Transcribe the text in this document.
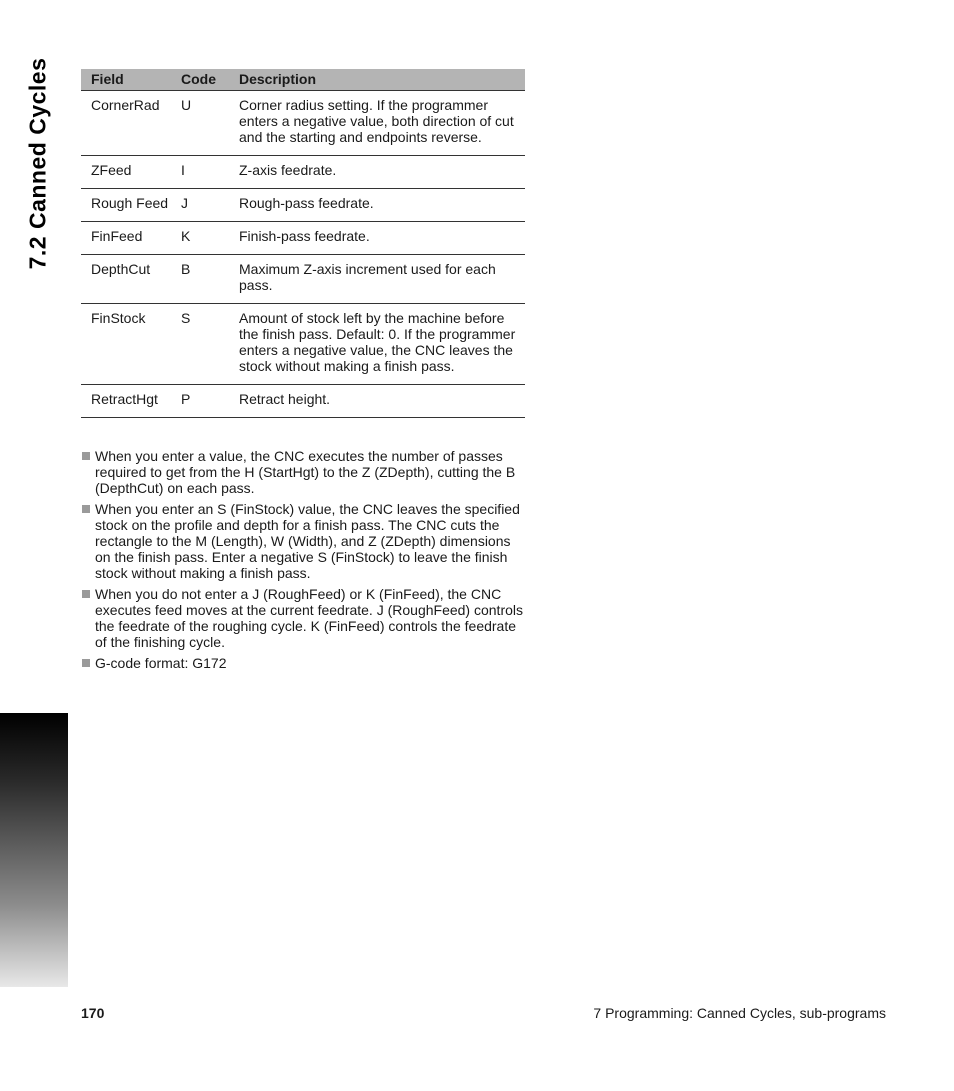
7.2 Canned Cycles	Field	Code	Description
CornerRad	U	Corner radius setting. If the programmer enters a negative value, both direction of cut and the starting and endpoints reverse.
ZFeed	I	Z-axis feedrate.
Rough Feed	J	Rough-pass feedrate.
FinFeed	K	Finish-pass feedrate.
DepthCut	B	Maximum Z-axis increment used for each pass.
FinStock	S	Amount of stock left by the machine before the finish pass. Default: 0. If the programmer enters a negative value, the CNC leaves the stock without making a finish pass.
RetractHgt	P	Retract height.
When you enter a value, the CNC executes the number of passes required to get from the H (StartHgt) to the Z (ZDepth), cutting the B (DepthCut) on each pass.
When you enter an S (FinStock) value, the CNC leaves the specified stock on the profile and depth for a finish pass. The CNC cuts the rectangle to the M (Length), W (Width), and Z (ZDepth) dimensions on the finish pass. Enter a negative S (FinStock) to leave the finish stock without making a finish pass.
When you do not enter a J (RoughFeed) or K (FinFeed), the CNC executes feed moves at the current feedrate. J (RoughFeed) controls the feedrate of the roughing cycle. K (FinFeed) controls the feedrate of the finishing cycle.
G-code format: G172
170	7 Programming: Canned Cycles, sub-programs
